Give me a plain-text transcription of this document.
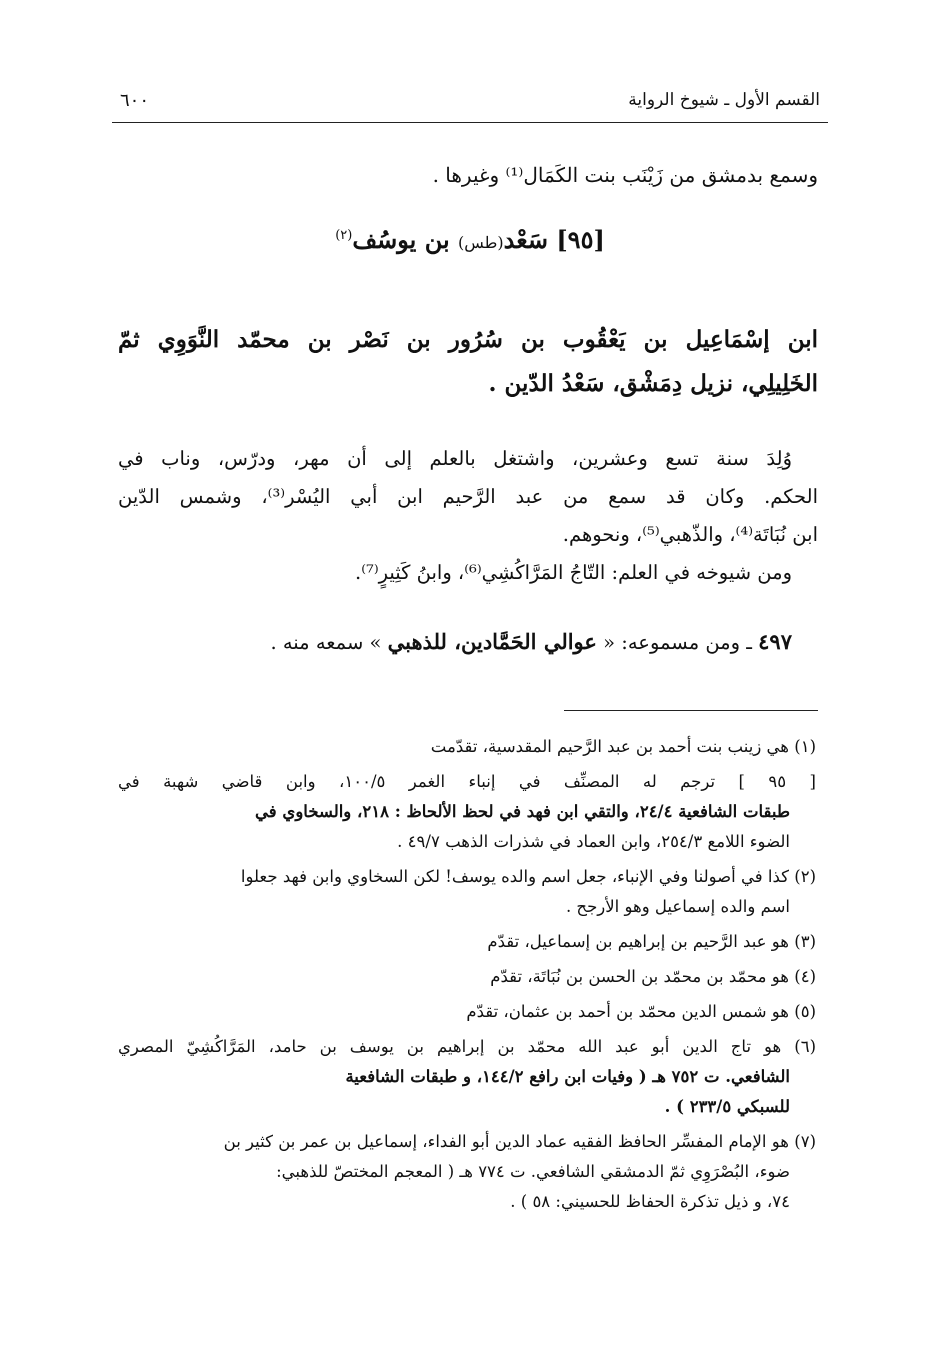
القسم الأول ـ شيوخ الرواية
٦٠٠
وسمع بدمشق من زَيْنَب بنت الكَمَال⁽¹⁾ وغيرها .
[٩٥] سَعْد(طس) بن يوسُف$^{(٢)}$
ابن إسْمَاعِيل بن يَعْقُوب بن سُرُور بن نَصْر بن محمّد النَّوَوِي ثمّ
الخَلِيلِي، نزيل دِمَشْق، سَعْدُ الدّين .
وُلِدَ سنة تسع وعشرين، واشتغل بالعلم إلى أن مهر، ودرّس، وناب في
الحكم. وكان قد سمع من عبد الرَّحيم ابن أبي اليُسْر⁽³⁾، وشمس الدّين
ابن نُبَاتَة⁽⁴⁾، والذّهبي⁽⁵⁾، ونحوهم.
ومن شيوخه في العلم: التّاجُ المَرَّاكُشِي⁽⁶⁾، وابنُ كَثِيرٍ⁽⁷⁾.
٤٩٧ ـ ومن مسموعه: « عوالي الحَمَّادين، للذهبي » سمعه منه .
(١) هي زينب بنت أحمد بن عبد الرَّحيم المقدسية، تقدّمت
[ ٩٥ ] ترجم له المصنِّف في إنباء الغمر ١٠٠/٥، وابن قاضي شهبة في
طبقات الشافعية ٢٤/٤، والتقي ابن فهد في لحظ الألحاظ : ٢١٨، والسخاوي في
الضوء اللامع ٢٥٤/٣، وابن العماد في شذرات الذهب ٤٩/٧ .
(٢) كذا في أصولنا وفي الإنباء، جعل اسم والده يوسف! لكن السخاوي وابن فهد جعلوا
اسم والده إسماعيل وهو الأرجح .
(٣) هو عبد الرَّحيم بن إبراهيم بن إسماعيل، تقدّم
(٤) هو محمّد بن محمّد بن الحسن بن نُبَاتَة، تقدّم
(٥) هو شمس الدين محمّد بن أحمد بن عثمان، تقدّم
(٦) هو تاج الدين أبو عبد الله محمّد بن إبراهيم بن يوسف بن حامد، المَرَّاكُشِيّ المصري
الشافعي. ت ٧٥٢ هـ ( وفيات ابن رافع ١٤٤/٢، و طبقات الشافعية
للسبكي ٢٣٣/٥ ) .
(٧) هو الإمام المفسِّر الحافظ الفقيه عماد الدين أبو الفداء، إسماعيل بن عمر بن كثير بن
ضوء، البُصْرَوِي ثمّ الدمشقي الشافعي. ت ٧٧٤ هـ ( المعجم المختصّ للذهبي:
٧٤، و ذيل تذكرة الحفاظ للحسيني: ٥٨ ) .
